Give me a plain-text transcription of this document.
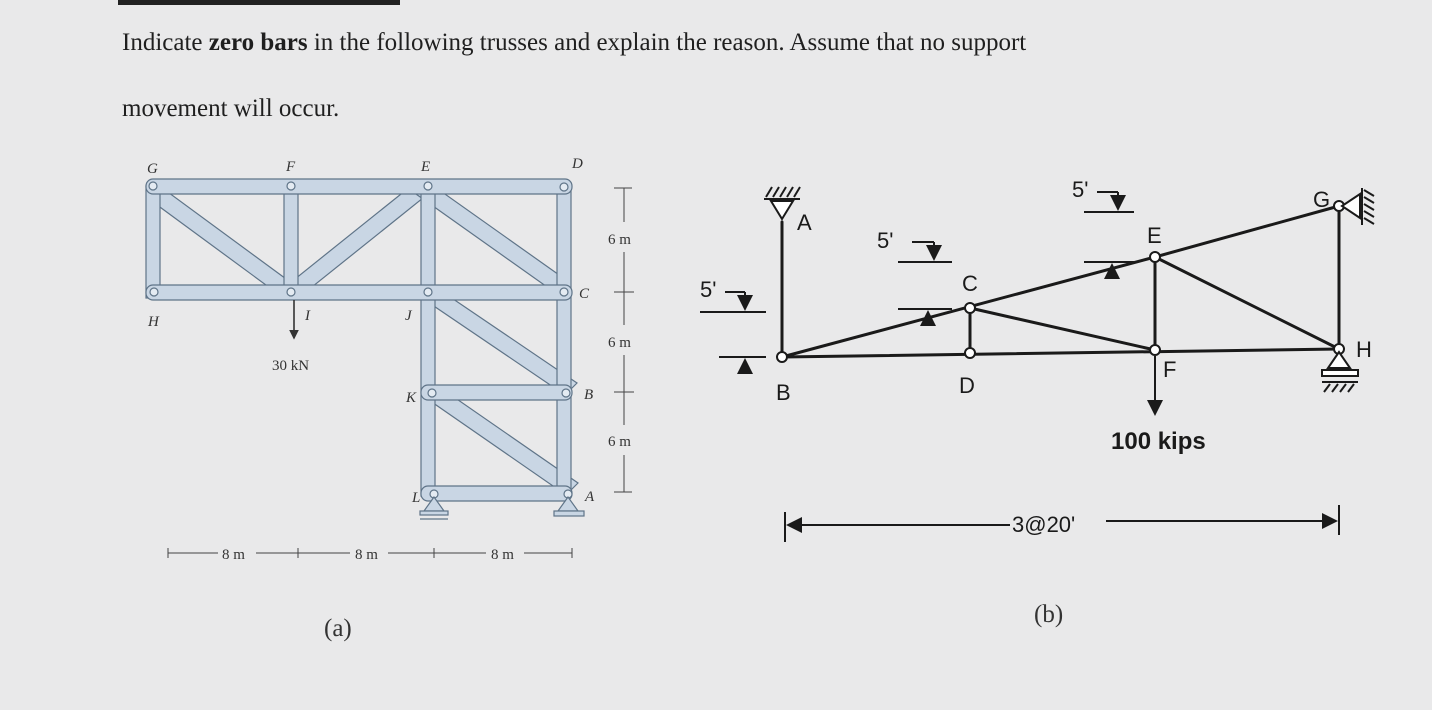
Indicate zero bars in the following trusses and explain the reason. Assume that no support
movement will occur.
30 kN
G	F	E	D
H	I	J
C
K	B
L	A
6 m
6 m
6 m
8 m	8 m	8 m
(a)
100 kips
A
B
C
D
E
F
G
H
5'
5'
5'
3@20'
(b)
